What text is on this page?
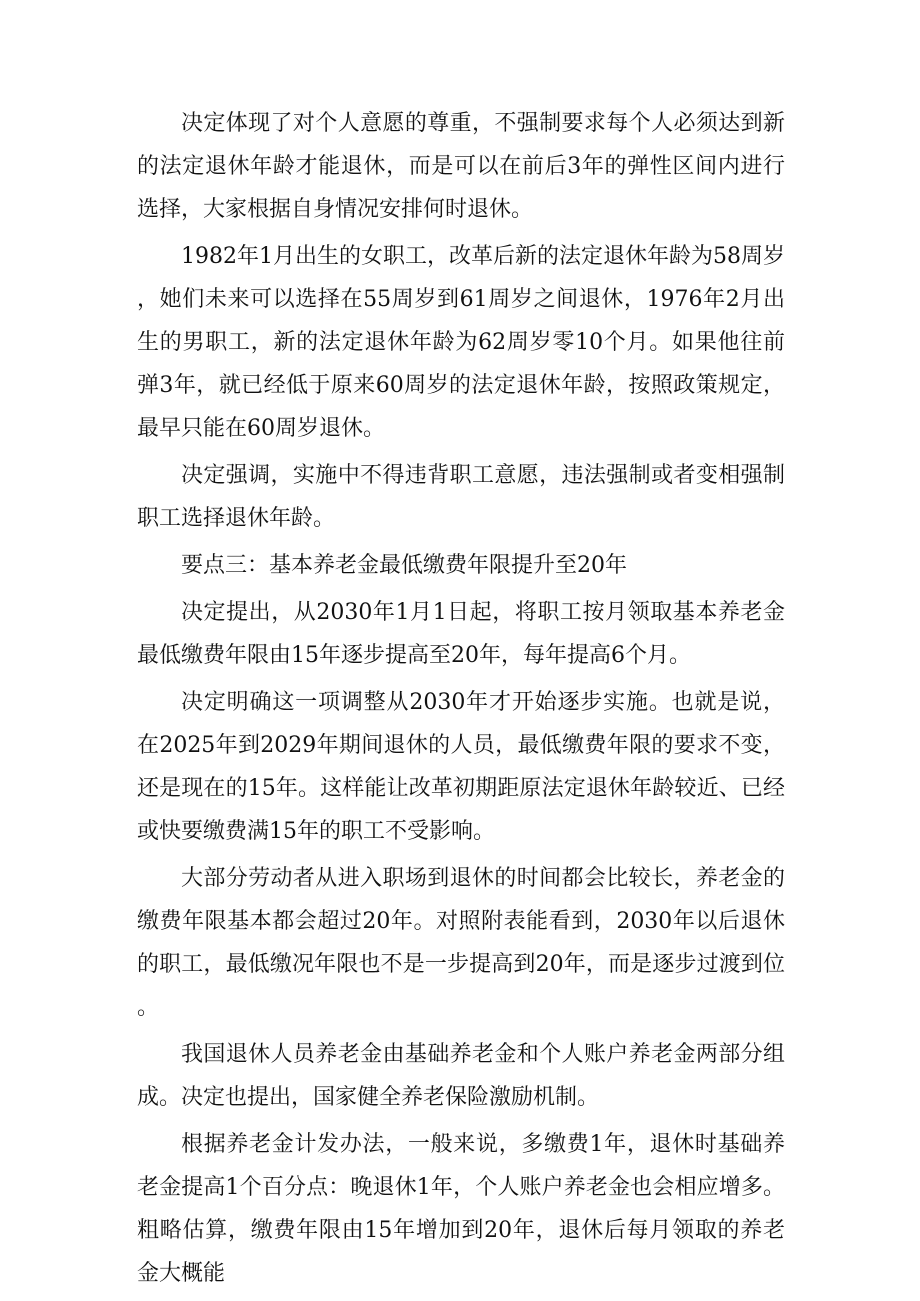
决定体现了对个人意愿的尊重，不强制要求每个人必须达到新的法定退休年龄才能退休，而是可以在前后3年的弹性区间内进行选择，大家根据自身情况安排何时退休。

1982年1月出生的女职工，改革后新的法定退休年龄为58周岁，她们未来可以选择在55周岁到61周岁之间退休，1976年2月出生的男职工，新的法定退休年龄为62周岁零10个月。如果他往前弹3年，就已经低于原来60周岁的法定退休年龄，按照政策规定，最早只能在60周岁退休。

决定强调，实施中不得违背职工意愿，违法强制或者变相强制职工选择退休年龄。

要点三：基本养老金最低缴费年限提升至20年

决定提出，从2030年1月1日起，将职工按月领取基本养老金最低缴费年限由15年逐步提高至20年，每年提高6个月。

决定明确这一项调整从2030年才开始逐步实施。也就是说，在2025年到2029年期间退休的人员，最低缴费年限的要求不变，还是现在的15年。这样能让改革初期距原法定退休年龄较近、已经或快要缴费满15年的职工不受影响。

大部分劳动者从进入职场到退休的时间都会比较长，养老金的缴费年限基本都会超过20年。对照附表能看到，2030年以后退休的职工，最低缴况年限也不是一步提高到20年，而是逐步过渡到位。

我国退休人员养老金由基础养老金和个人账户养老金两部分组成。决定也提出，国家健全养老保险激励机制。

根据养老金计发办法，一般来说，多缴费1年，退休时基础养老金提高1个百分点：晚退休1年，个人账户养老金也会相应增多。粗略估算，缴费年限由15年增加到20年，退休后每月领取的养老金大概能
